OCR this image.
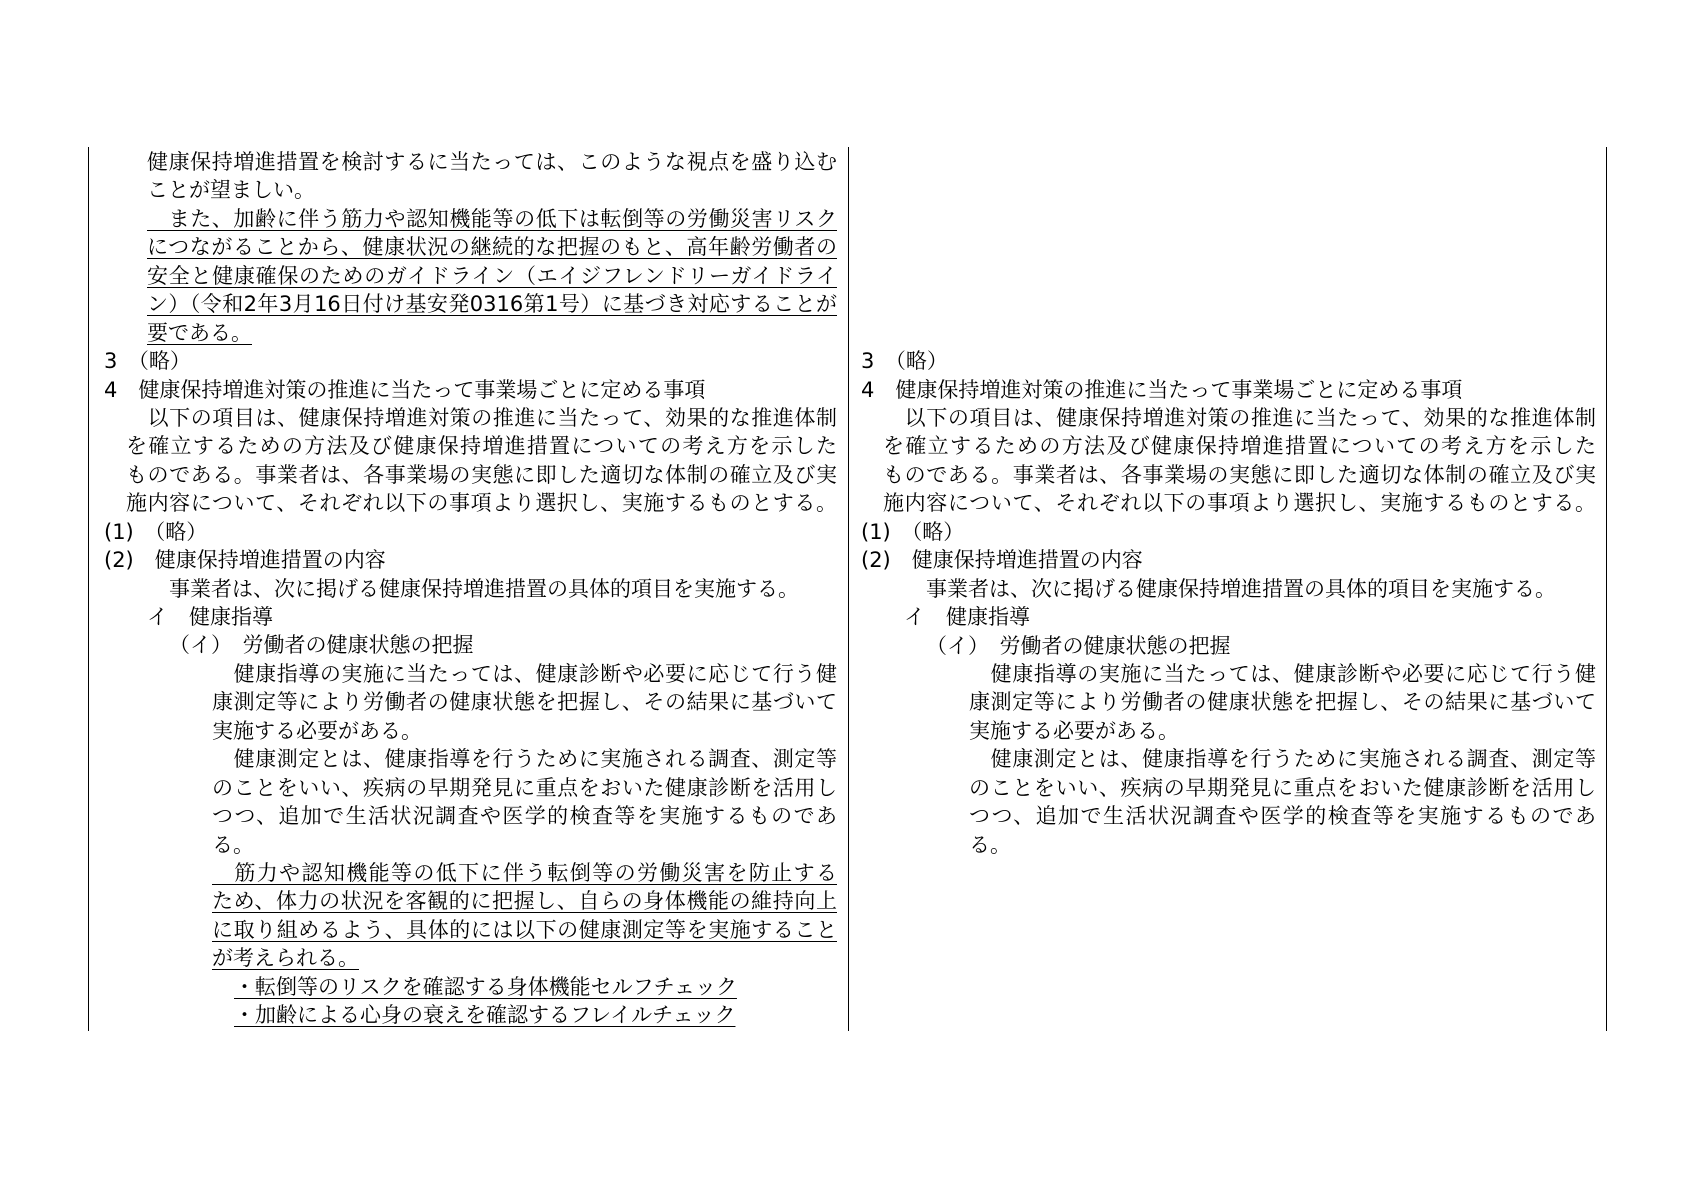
健康保持増進措置を検討するに当たっては、このような視点を盛り込む
ことが望ましい。
　また、加齢に伴う筋力や認知機能等の低下は転倒等の労働災害リスク
につながることから、健康状況の継続的な把握のもと、高年齢労働者の
安全と健康確保のためのガイドライン（エイジフレンドリーガイドライ
ン）（令和2年3月16日付け基安発0316第1号）に基づき対応することが
要である。
3　（略）
4　健康保持増進対策の推進に当たって事業場ごとに定める事項
　以下の項目は、健康保持増進対策の推進に当たって、効果的な推進体制
を確立するための方法及び健康保持増進措置についての考え方を示した
ものである。事業者は、各事業場の実態に即した適切な体制の確立及び実
施内容について、それぞれ以下の事項より選択し、実施するものとする。
(1)　（略）
(2)　健康保持増進措置の内容
事業者は、次に掲げる健康保持増進措置の具体的項目を実施する。
イ　健康指導
（イ）　労働者の健康状態の把握
　健康指導の実施に当たっては、健康診断や必要に応じて行う健
康測定等により労働者の健康状態を把握し、その結果に基づいて
実施する必要がある。
　健康測定とは、健康指導を行うために実施される調査、測定等
のことをいい、疾病の早期発見に重点をおいた健康診断を活用し
つつ、追加で生活状況調査や医学的検査等を実施するものであ
る。
　筋力や認知機能等の低下に伴う転倒等の労働災害を防止する
ため、体力の状況を客観的に把握し、自らの身体機能の維持向上
に取り組めるよう、具体的には以下の健康測定等を実施すること
が考えられる。
・転倒等のリスクを確認する身体機能セルフチェック
・加齢による心身の衰えを確認するフレイルチェック
3　（略）
4　健康保持増進対策の推進に当たって事業場ごとに定める事項
　以下の項目は、健康保持増進対策の推進に当たって、効果的な推進体制
を確立するための方法及び健康保持増進措置についての考え方を示した
ものである。事業者は、各事業場の実態に即した適切な体制の確立及び実
施内容について、それぞれ以下の事項より選択し、実施するものとする。
(1)　（略）
(2)　健康保持増進措置の内容
事業者は、次に掲げる健康保持増進措置の具体的項目を実施する。
イ　健康指導
（イ）　労働者の健康状態の把握
　健康指導の実施に当たっては、健康診断や必要に応じて行う健
康測定等により労働者の健康状態を把握し、その結果に基づいて
実施する必要がある。
　健康測定とは、健康指導を行うために実施される調査、測定等
のことをいい、疾病の早期発見に重点をおいた健康診断を活用し
つつ、追加で生活状況調査や医学的検査等を実施するものであ
る。
